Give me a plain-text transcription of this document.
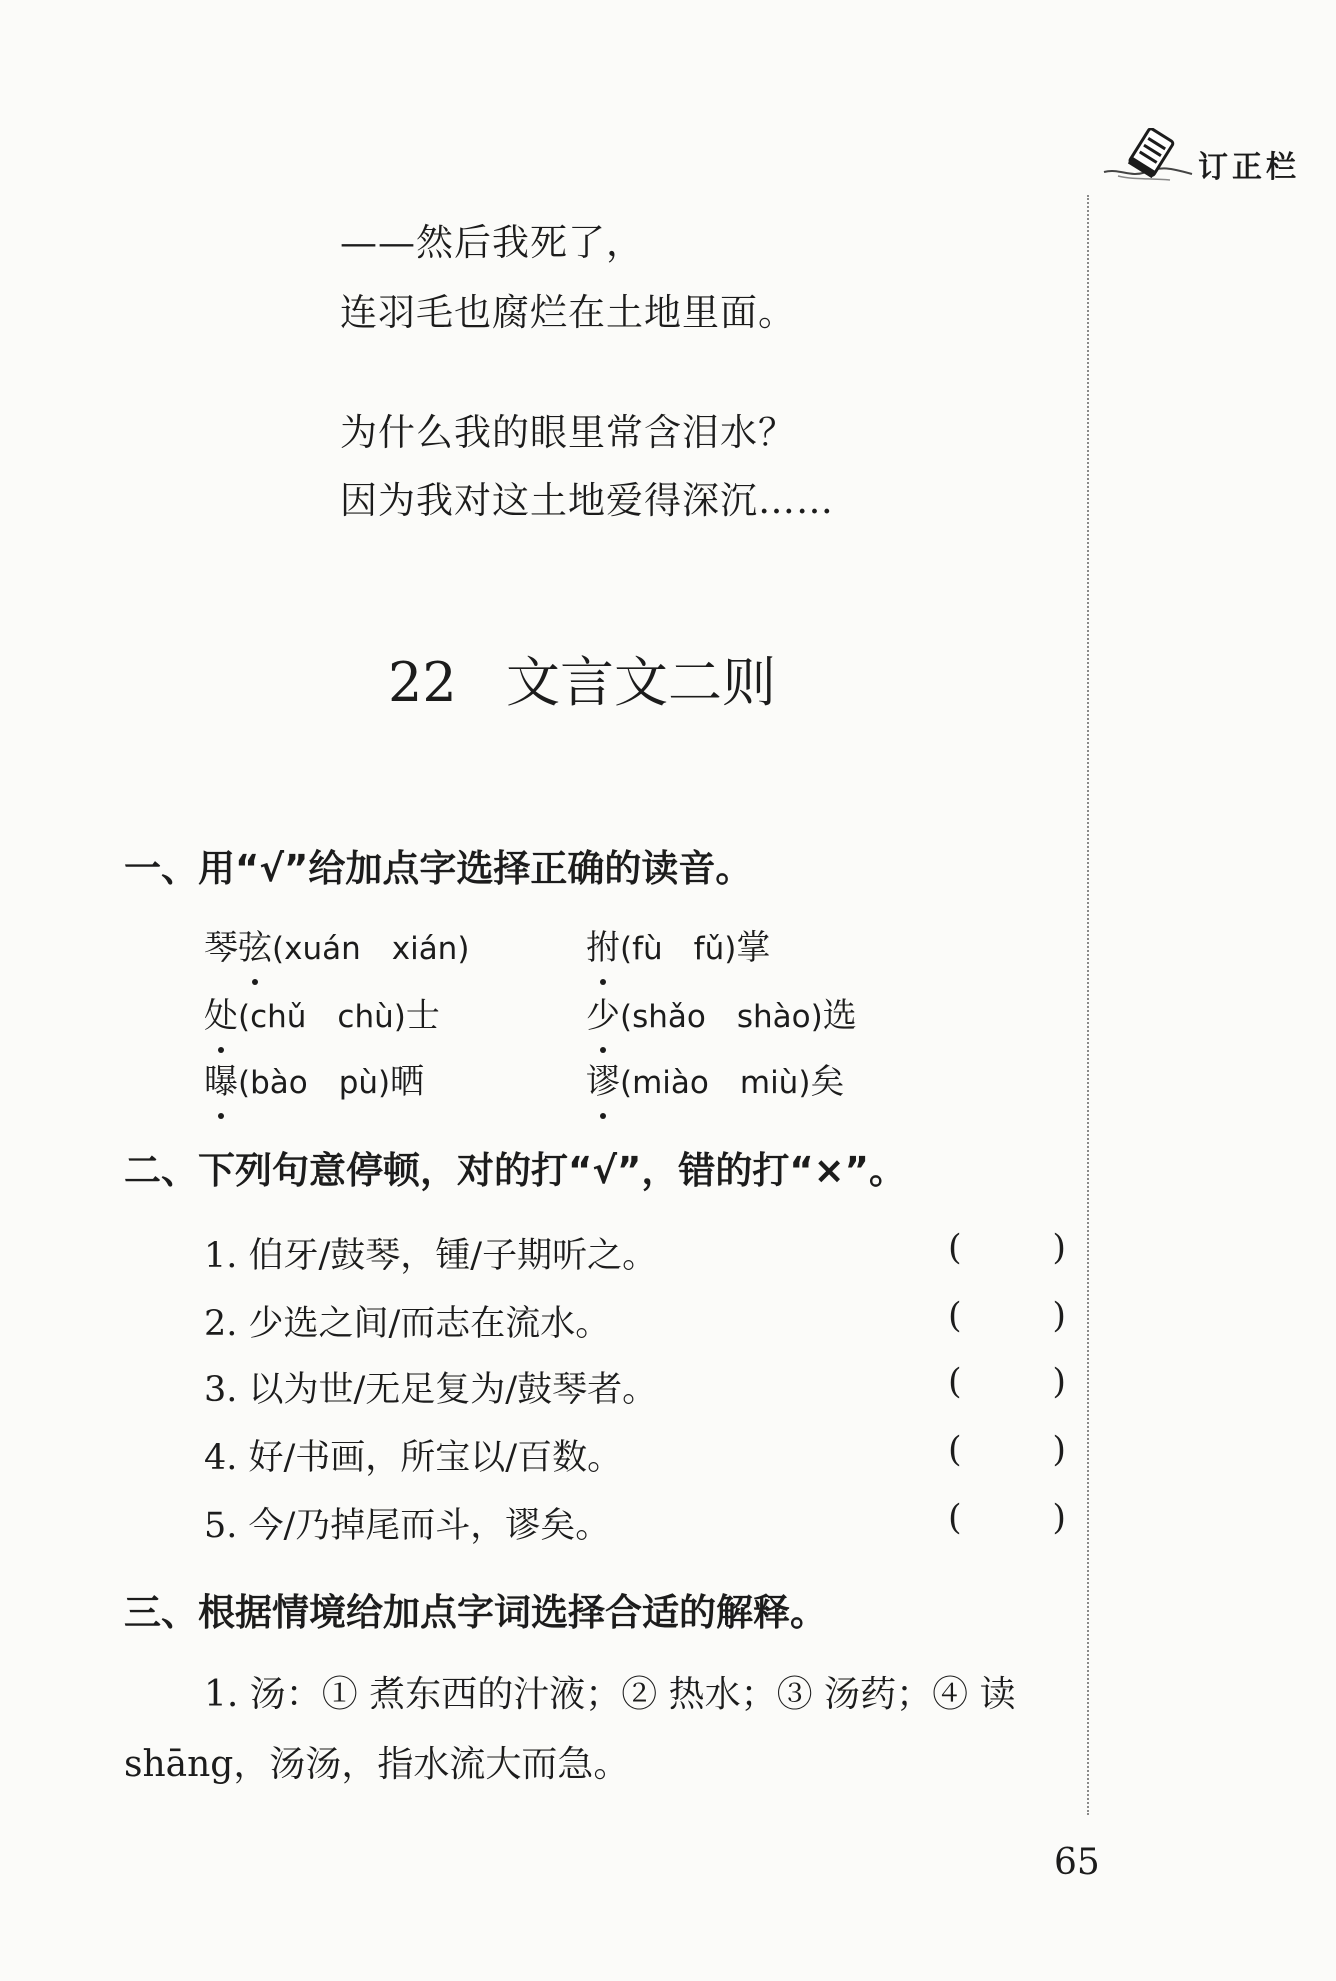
订正栏
——然后我死了，
连羽毛也腐烂在土地里面。
为什么我的眼里常含泪水？
因为我对这土地爱得深沉……
22 文言文二则
一、用“√”给加点字选择正确的读音。
琴弦(xuán　xián)	拊(fù　fǔ)掌
处(chǔ　chù)士	少(shǎo　shào)选
曝(bào　pù)晒	谬(miào　miù)矣
二、下列句意停顿，对的打“√”，错的打“×”。
1. 伯牙/鼓琴，锺/子期听之。	(	)
2. 少选之间/而志在流水。	(	)
3. 以为世/无足复为/鼓琴者。	(	)
4. 好/书画，所宝以/百数。	(	)
5. 今/乃掉尾而斗，谬矣。	(	)
三、根据情境给加点字词选择合适的解释。
1. 汤：① 煮东西的汁液；② 热水；③ 汤药；④ 读
shāng，汤汤，指水流大而急。
65
